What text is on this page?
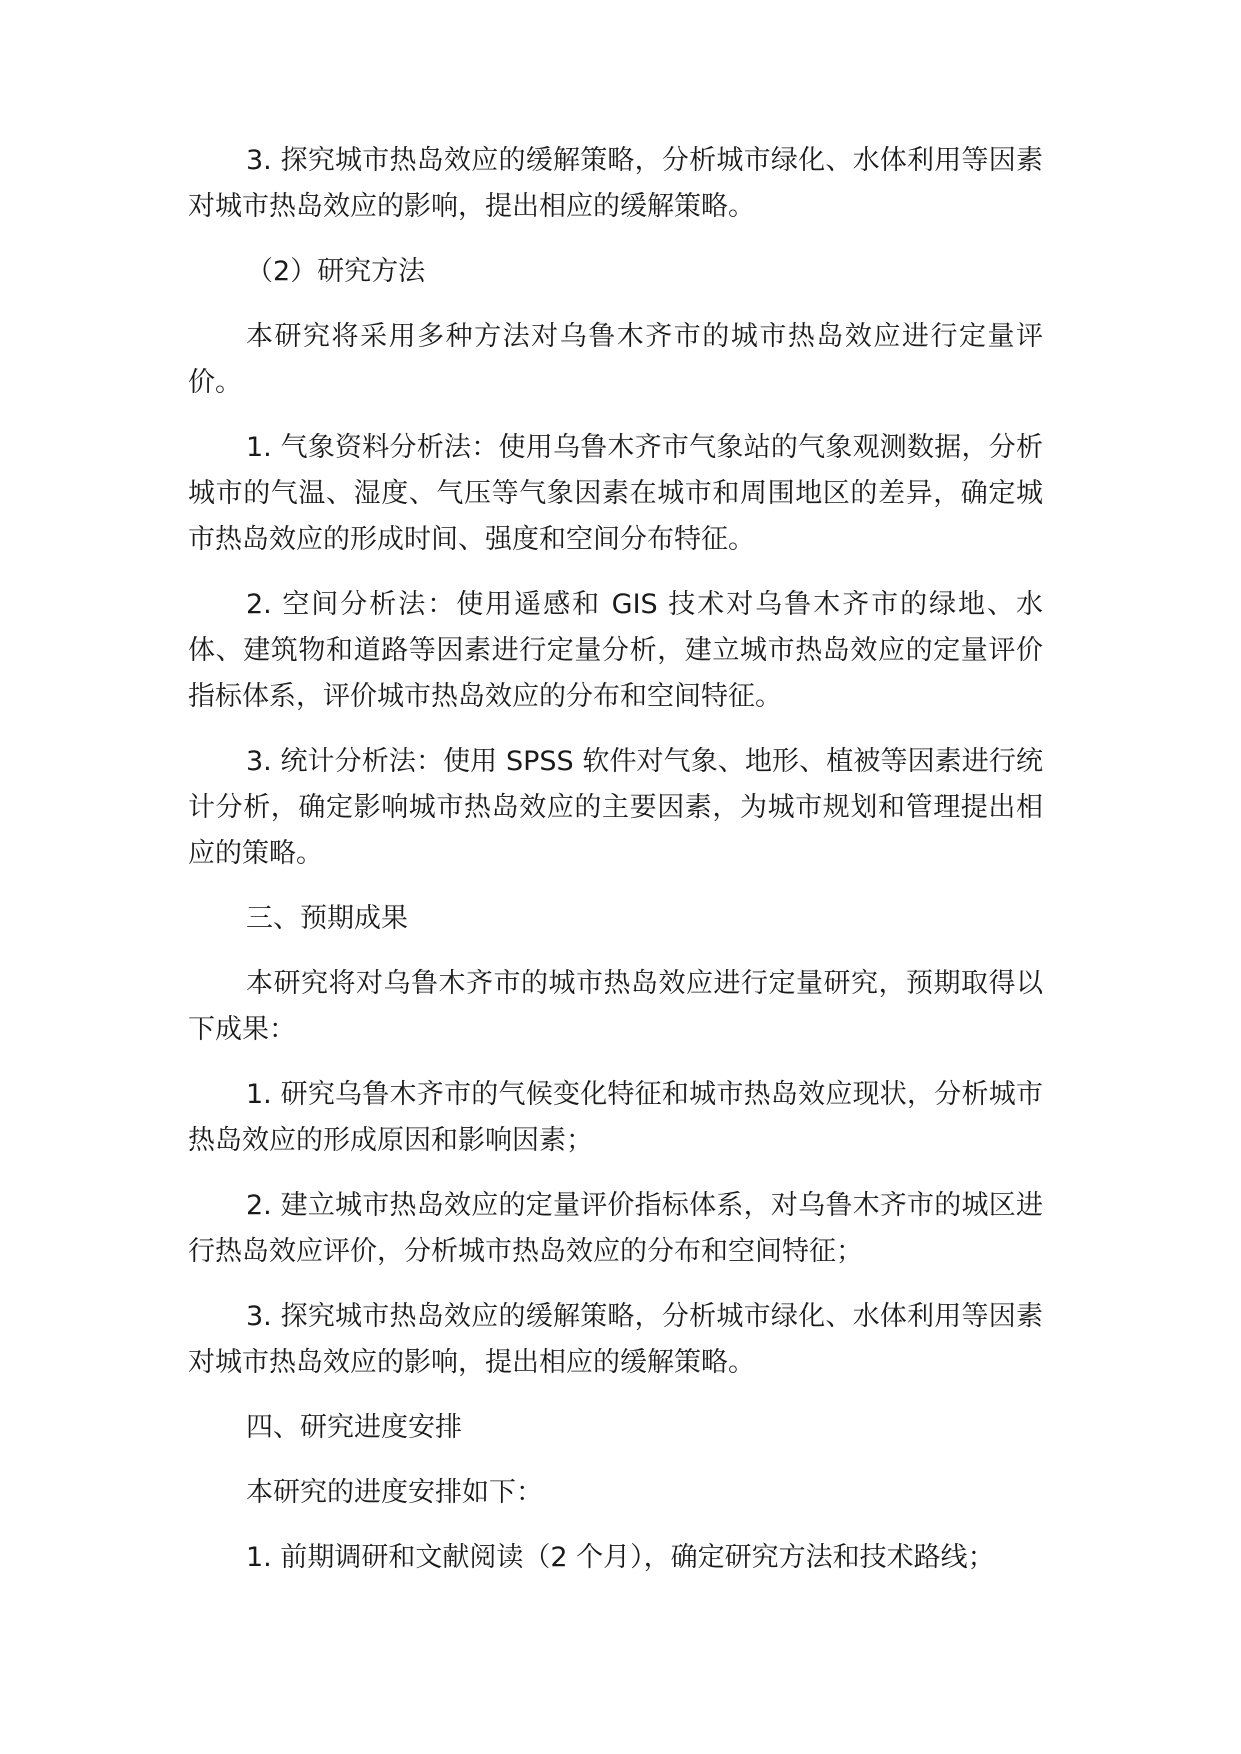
3. 探究城市热岛效应的缓解策略，分析城市绿化、水体利用等因素对城市热岛效应的影响，提出相应的缓解策略。

（2）研究方法

本研究将采用多种方法对乌鲁木齐市的城市热岛效应进行定量评价。

1. 气象资料分析法：使用乌鲁木齐市气象站的气象观测数据，分析城市的气温、湿度、气压等气象因素在城市和周围地区的差异，确定城市热岛效应的形成时间、强度和空间分布特征。

2. 空间分析法：使用遥感和 GIS 技术对乌鲁木齐市的绿地、水体、建筑物和道路等因素进行定量分析，建立城市热岛效应的定量评价指标体系，评价城市热岛效应的分布和空间特征。

3. 统计分析法：使用 SPSS 软件对气象、地形、植被等因素进行统计分析，确定影响城市热岛效应的主要因素，为城市规划和管理提出相应的策略。

三、预期成果

本研究将对乌鲁木齐市的城市热岛效应进行定量研究，预期取得以下成果：

1. 研究乌鲁木齐市的气候变化特征和城市热岛效应现状，分析城市热岛效应的形成原因和影响因素；

2. 建立城市热岛效应的定量评价指标体系，对乌鲁木齐市的城区进行热岛效应评价，分析城市热岛效应的分布和空间特征；

3. 探究城市热岛效应的缓解策略，分析城市绿化、水体利用等因素对城市热岛效应的影响，提出相应的缓解策略。

四、研究进度安排

本研究的进度安排如下：

1. 前期调研和文献阅读（2 个月），确定研究方法和技术路线；
